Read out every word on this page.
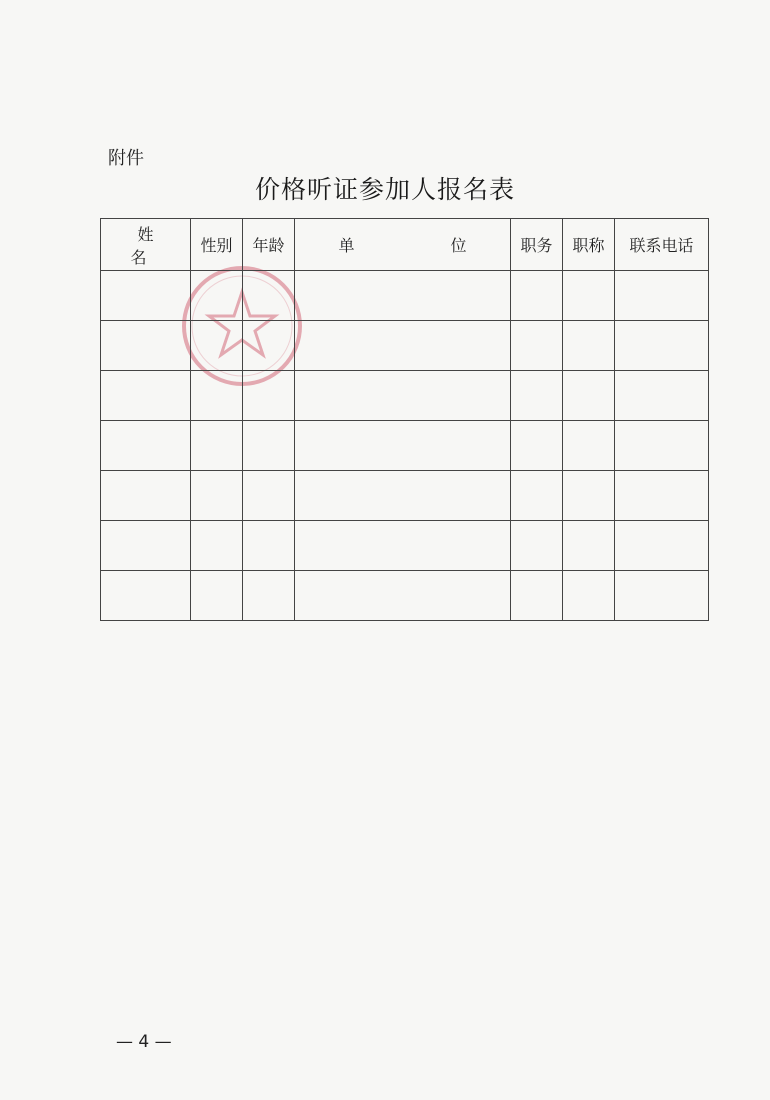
附件
价格听证参加人报名表
姓 名	性别	年龄	单　位	职务	职称	联系电话

— 4 —
